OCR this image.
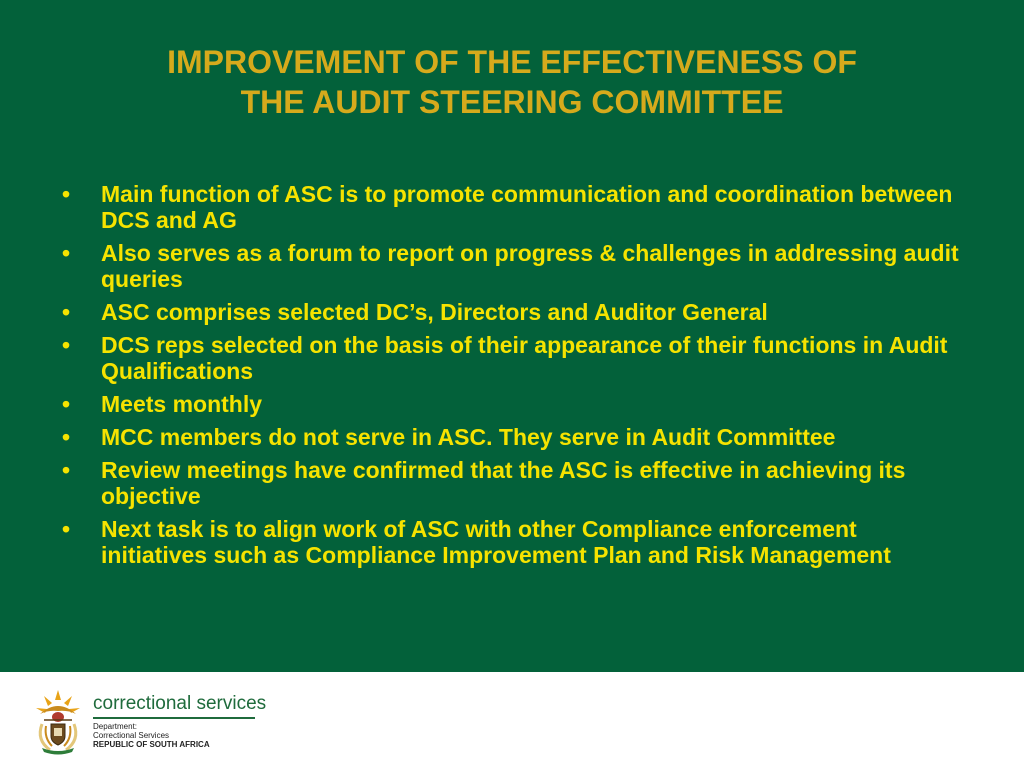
IMPROVEMENT OF THE EFFECTIVENESS OF
THE AUDIT STEERING COMMITTEE
•	Main function of ASC is to promote communication and coordination between DCS and AG
•	Also serves as a forum to report on progress & challenges in addressing audit queries
•	ASC comprises selected DC’s, Directors and Auditor General
•	DCS reps selected on the basis of their appearance of their functions in Audit Qualifications
•	Meets monthly
•	MCC members do not serve in ASC. They serve in Audit Committee
•	Review meetings have confirmed that the ASC is effective in achieving its objective
•	Next task is to align work of ASC with other Compliance enforcement initiatives such as Compliance Improvement Plan and Risk Management
correctional services
Department:
Correctional Services
REPUBLIC OF SOUTH AFRICA
